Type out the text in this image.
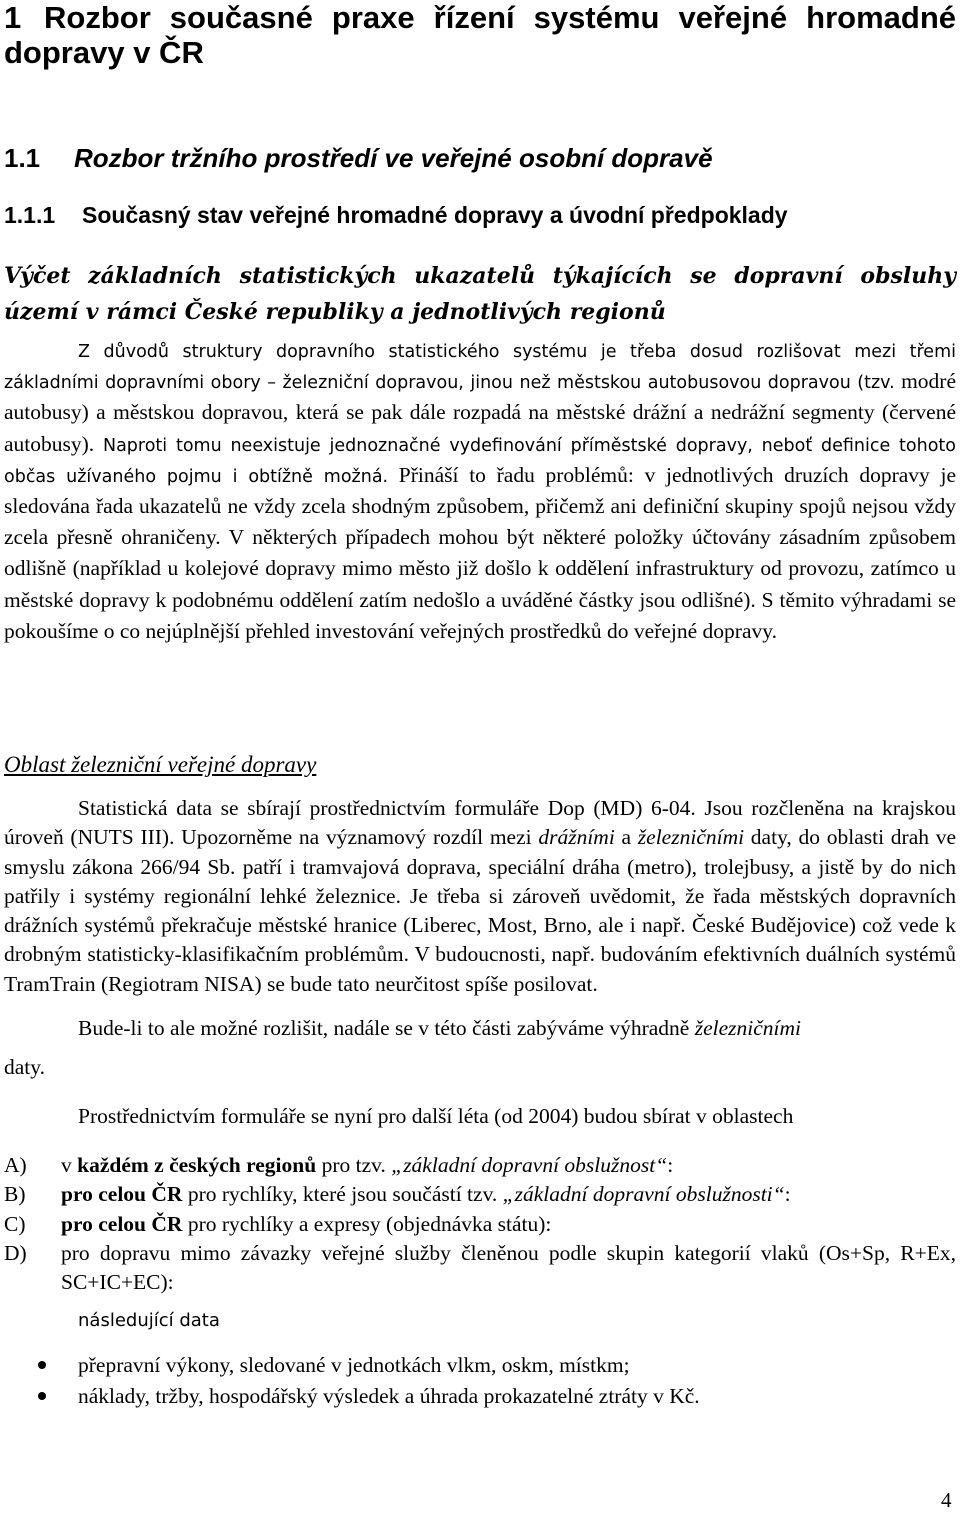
1 Rozbor současné praxe řízení systému veřejné hromadné dopravy v ČR
1.1 Rozbor tržního prostředí ve veřejné osobní dopravě
1.1.1 Současný stav veřejné hromadné dopravy a úvodní předpoklady
Výčet základních statistických ukazatelů týkajících se dopravní obsluhy území v rámci České republiky a jednotlivých regionů

Z důvodů struktury dopravního statistického systému je třeba dosud rozlišovat mezi třemi základními dopravními obory – železniční dopravou, jinou než městskou autobusovou dopravou (tzv. modré autobusy) a městskou dopravou, která se pak dále rozpadá na městské drážní a nedrážní segmenty (červené autobusy). Naproti tomu neexistuje jednoznačné vydefinování příměstské dopravy, neboť definice tohoto občas užívaného pojmu i obtížně možná. Přináší to řadu problémů: v jednotlivých druzích dopravy je sledována řada ukazatelů ne vždy zcela shodným způsobem, přičemž ani definiční skupiny spojů nejsou vždy zcela přesně ohraničeny. V některých případech mohou být některé položky účtovány zásadním způsobem odlišně (například u kolejové dopravy mimo město již došlo k oddělení infrastruktury od provozu, zatímco u městské dopravy k podobnému oddělení zatím nedošlo a uváděné částky jsou odlišné). S těmito výhradami se pokoušíme o co nejúplnější přehled investování veřejných prostředků do veřejné dopravy.

Oblast železniční veřejné dopravy

Statistická data se sbírají prostřednictvím formuláře Dop (MD) 6-04. Jsou rozčleněna na krajskou úroveň (NUTS III). Upozorněme na významový rozdíl mezi drážními a železničními daty, do oblasti drah ve smyslu zákona 266/94 Sb. patří i tramvajová doprava, speciální dráha (metro), trolejbusy, a jistě by do nich patřily i systémy regionální lehké železnice. Je třeba si zároveň uvědomit, že řada městských dopravních drážních systémů překračuje městské hranice (Liberec, Most, Brno, ale i např. České Budějovice) což vede k drobným statisticky-klasifikačním problémům. V budoucnosti, např. budováním efektivních duálních systémů TramTrain (Regiotram NISA) se bude tato neurčitost spíše posilovat.

Bude-li to ale možné rozlišit, nadále se v této části zabýváme výhradně železničními
daty.

Prostřednictvím formuláře se nyní pro další léta (od 2004) budou sbírat v oblastech

A)	v každém z českých regionů pro tzv. „základní dopravní obslužnost“:
B)	pro celou ČR pro rychlíky, které jsou součástí tzv. „základní dopravní obslužnosti“:
C)	pro celou ČR pro rychlíky a expresy (objednávka státu):
D)	pro dopravu mimo závazky veřejné služby členěnou podle skupin kategorií vlaků (Os+Sp, R+Ex, SC+IC+EC):
následující data
přepravní výkony, sledované v jednotkách vlkm, oskm, místkm;
náklady, tržby, hospodářský výsledek a úhrada prokazatelné ztráty v Kč.
4
